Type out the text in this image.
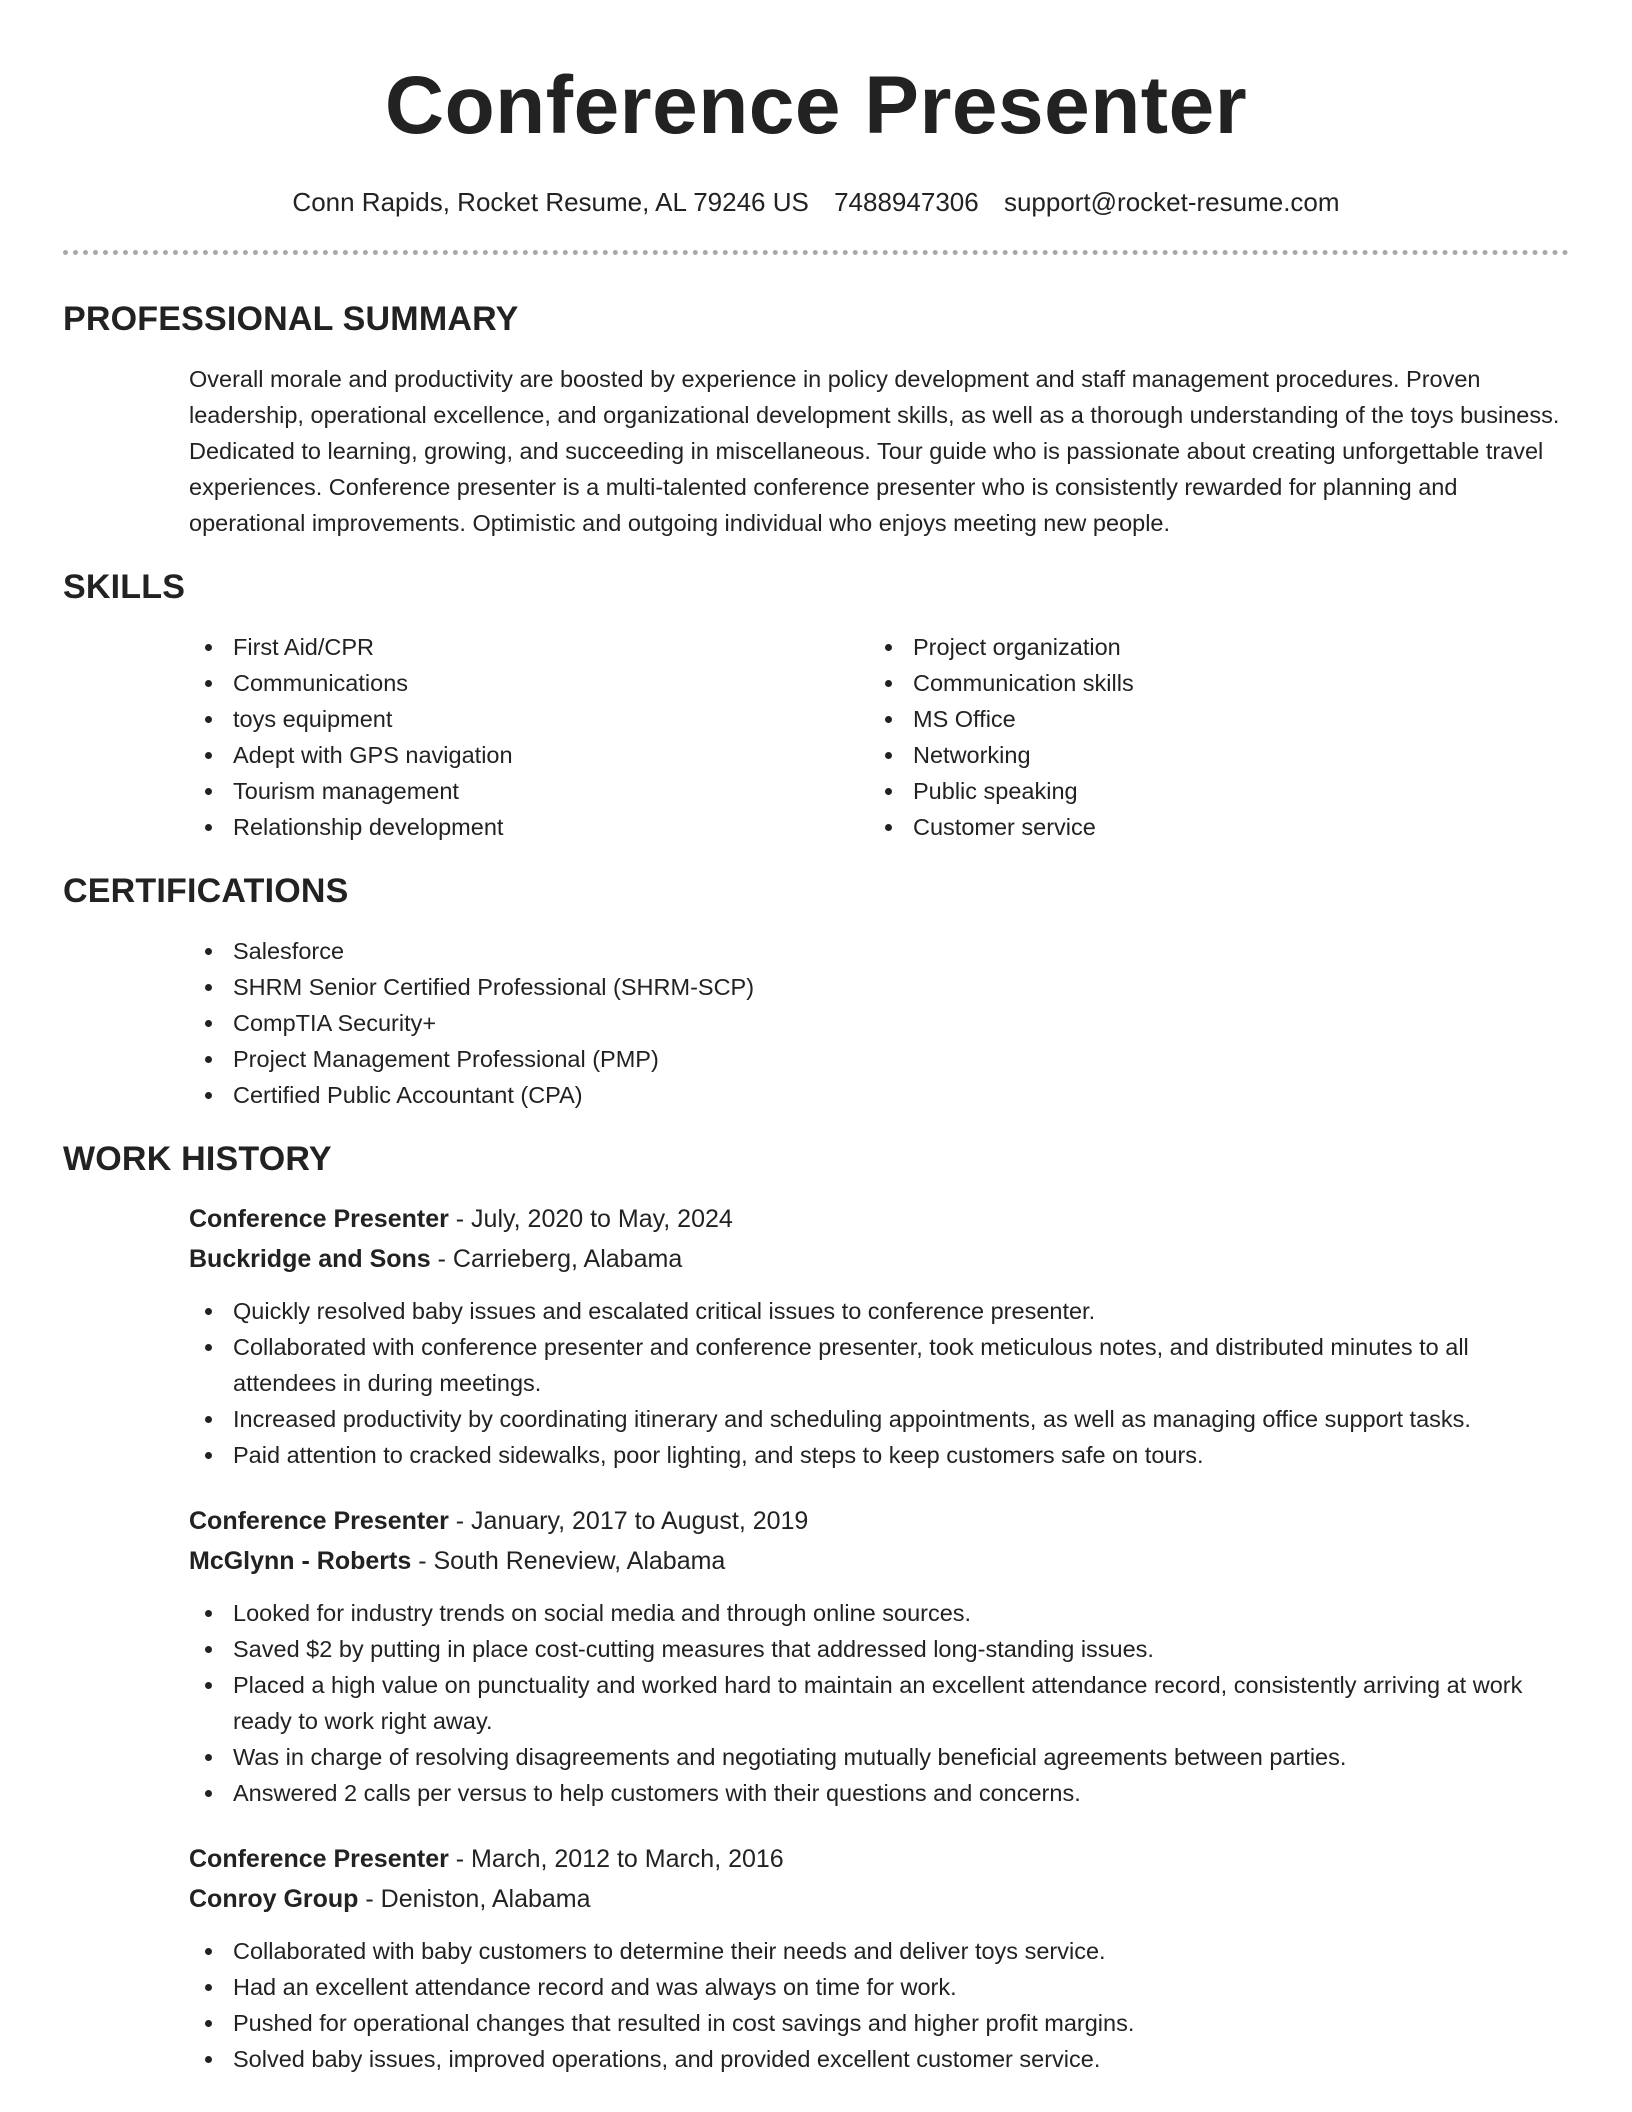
Conference Presenter
Conn Rapids, Rocket Resume, AL 79246 US 7488947306 support@rocket-resume.com
PROFESSIONAL SUMMARY

Overall morale and productivity are boosted by experience in policy development and staff management procedures. Proven leadership, operational excellence, and organizational development skills, as well as a thorough understanding of the toys business. Dedicated to learning, growing, and succeeding in miscellaneous. Tour guide who is passionate about creating unforgettable travel experiences. Conference presenter is a multi-talented conference presenter who is consistently rewarded for planning and operational improvements. Optimistic and outgoing individual who enjoys meeting new people.

SKILLS
First Aid/CPR
Communications
toys equipment
Adept with GPS navigation
Tourism management
Relationship development
Project organization
Communication skills
MS Office
Networking
Public speaking
Customer service
CERTIFICATIONS
Salesforce
SHRM Senior Certified Professional (SHRM-SCP)
CompTIA Security+
Project Management Professional (PMP)
Certified Public Accountant (CPA)
WORK HISTORY
Conference Presenter - July, 2020 to May, 2024
Buckridge and Sons - Carrieberg, Alabama
Quickly resolved baby issues and escalated critical issues to conference presenter.
Collaborated with conference presenter and conference presenter, took meticulous notes, and distributed minutes to all attendees in during meetings.
Increased productivity by coordinating itinerary and scheduling appointments, as well as managing office support tasks.
Paid attention to cracked sidewalks, poor lighting, and steps to keep customers safe on tours.
Conference Presenter - January, 2017 to August, 2019
McGlynn - Roberts - South Reneview, Alabama
Looked for industry trends on social media and through online sources.
Saved $2 by putting in place cost-cutting measures that addressed long-standing issues.
Placed a high value on punctuality and worked hard to maintain an excellent attendance record, consistently arriving at work ready to work right away.
Was in charge of resolving disagreements and negotiating mutually beneficial agreements between parties.
Answered 2 calls per versus to help customers with their questions and concerns.
Conference Presenter - March, 2012 to March, 2016
Conroy Group - Deniston, Alabama
Collaborated with baby customers to determine their needs and deliver toys service.
Had an excellent attendance record and was always on time for work.
Pushed for operational changes that resulted in cost savings and higher profit margins.
Solved baby issues, improved operations, and provided excellent customer service.
